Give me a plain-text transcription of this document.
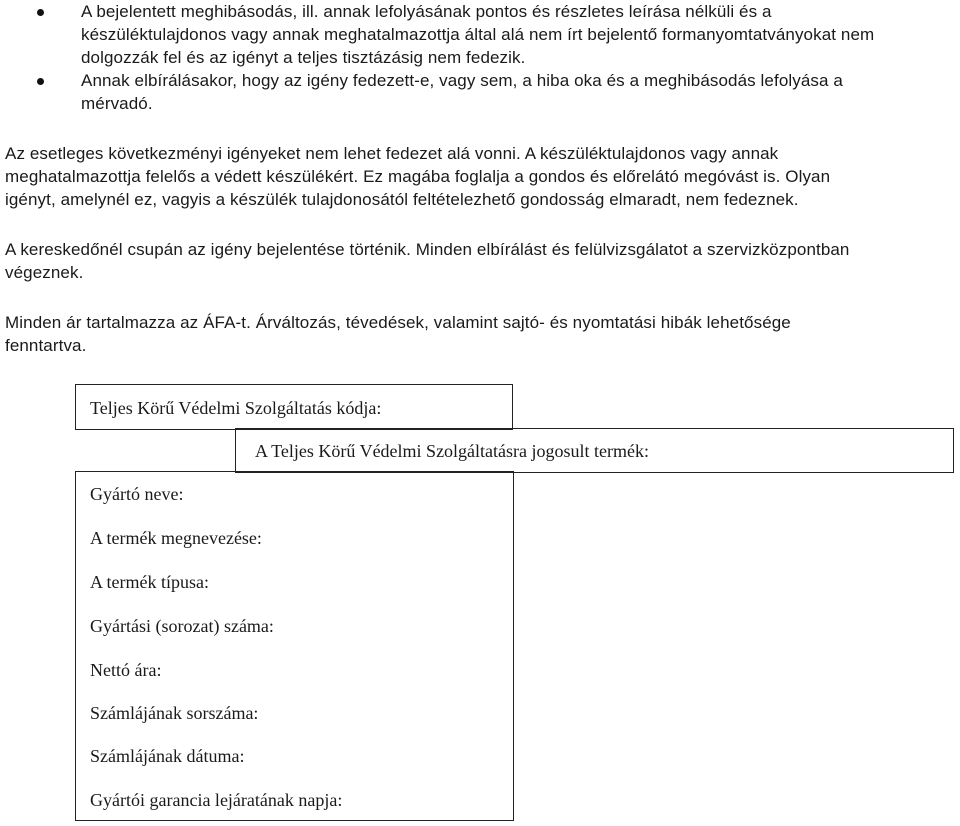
A bejelentett meghibásodás, ill. annak lefolyásának pontos és részletes leírása nélküli és a
készüléktulajdonos vagy annak meghatalmazottja által alá nem írt bejelentő formanyomtatványokat nem
dolgozzák fel és az igényt a teljes tisztázásig nem fedezik.
Annak elbírálásakor, hogy az igény fedezett-e, vagy sem, a hiba oka és a meghibásodás lefolyása a
mérvadó.
Az esetleges következményi igényeket nem lehet fedezet alá vonni. A készüléktulajdonos vagy annak
meghatalmazottja felelős a védett készülékért. Ez magába foglalja a gondos és előrelátó megóvást is. Olyan
igényt, amelynél ez, vagyis a készülék tulajdonosától feltételezhető gondosság elmaradt, nem fedeznek.
A kereskedőnél csupán az igény bejelentése történik. Minden elbírálást és felülvizsgálatot a szervizközpontban
végeznek.
Minden ár tartalmazza az ÁFA-t. Árváltozás, tévedések, valamint sajtó- és nyomtatási hibák lehetősége
fenntartva.
Teljes Körű Védelmi Szolgáltatás kódja:
A Teljes Körű Védelmi Szolgáltatásra jogosult termék:
Gyártó neve:
A termék megnevezése:
A termék típusa:
Gyártási (sorozat) száma:
Nettó ára:
Számlájának sorszáma:
Számlájának dátuma:
Gyártói garancia lejáratának napja:
